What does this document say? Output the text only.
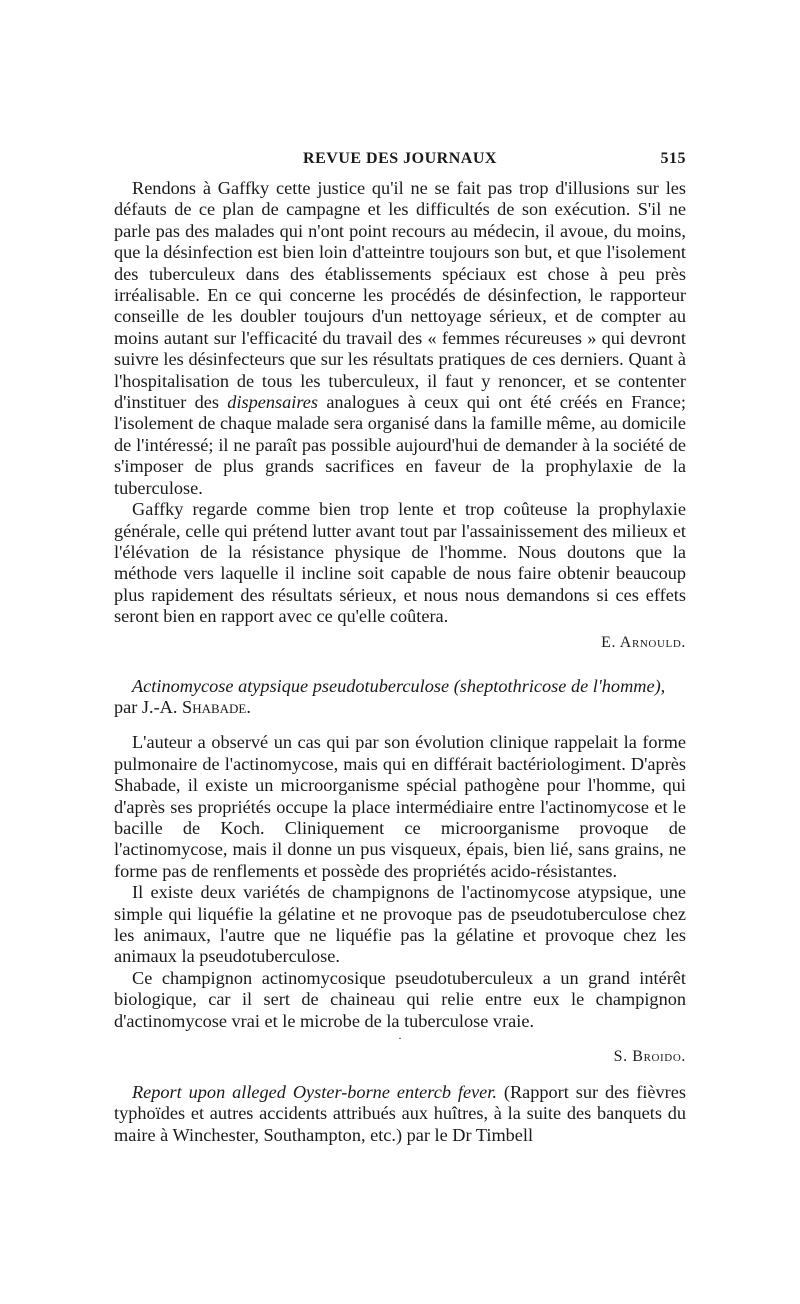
REVUE DES JOURNAUX	515

Rendons à Gaffky cette justice qu'il ne se fait pas trop d'illusions sur les défauts de ce plan de campagne et les difficultés de son exécution. S'il ne parle pas des malades qui n'ont point recours au médecin, il avoue, du moins, que la désinfection est bien loin d'atteintre toujours son but, et que l'isolement des tuberculeux dans des établissements spéciaux est chose à peu près irréalisable. En ce qui concerne les procédés de désinfection, le rapporteur conseille de les doubler toujours d'un nettoyage sérieux, et de compter au moins autant sur l'efficacité du travail des « femmes récureuses » qui devront suivre les désinfecteurs que sur les résultats pratiques de ces derniers. Quant à l'hospitalisation de tous les tuberculeux, il faut y renoncer, et se contenter d'instituer des dispensaires analogues à ceux qui ont été créés en France; l'isolement de chaque malade sera organisé dans la famille même, au domicile de l'intéressé; il ne paraît pas possible aujourd'hui de demander à la société de s'imposer de plus grands sacrifices en faveur de la prophylaxie de la tuberculose.

Gaffky regarde comme bien trop lente et trop coûteuse la prophylaxie générale, celle qui prétend lutter avant tout par l'assainissement des milieux et l'élévation de la résistance physique de l'homme. Nous doutons que la méthode vers laquelle il incline soit capable de nous faire obtenir beaucoup plus rapidement des résultats sérieux, et nous nous demandons si ces effets seront bien en rapport avec ce qu'elle coûtera.

E. Arnould.
Actinomycose atypsique pseudotuberculose (sheptothricose de l'homme),
par J.-A. Shabade.

L'auteur a observé un cas qui par son évolution clinique rappelait la forme pulmonaire de l'actinomycose, mais qui en différait bactériologiment. D'après Shabade, il existe un microorganisme spécial pathogène pour l'homme, qui d'après ses propriétés occupe la place intermédiaire entre l'actinomycose et le bacille de Koch. Cliniquement ce microorganisme provoque de l'actinomycose, mais il donne un pus visqueux, épais, bien lié, sans grains, ne forme pas de renflements et possède des propriétés acido-résistantes.

Il existe deux variétés de champignons de l'actinomycose atypsique, une simple qui liquéfie la gélatine et ne provoque pas de pseudotuberculose chez les animaux, l'autre que ne liquéfie pas la gélatine et provoque chez les animaux la pseudotuberculose.

Ce champignon actinomycosique pseudotuberculeux a un grand intérêt biologique, car il sert de chaineau qui relie entre eux le champignon d'actinomycose vrai et le microbe de la tuberculose vraie.

·
S. Broido.

Report upon alleged Oyster-borne entercb fever. (Rapport sur des fièvres typhoïdes et autres accidents attribués aux huîtres, à la suite des banquets du maire à Winchester, Southampton, etc.) par le Dr Timbell
